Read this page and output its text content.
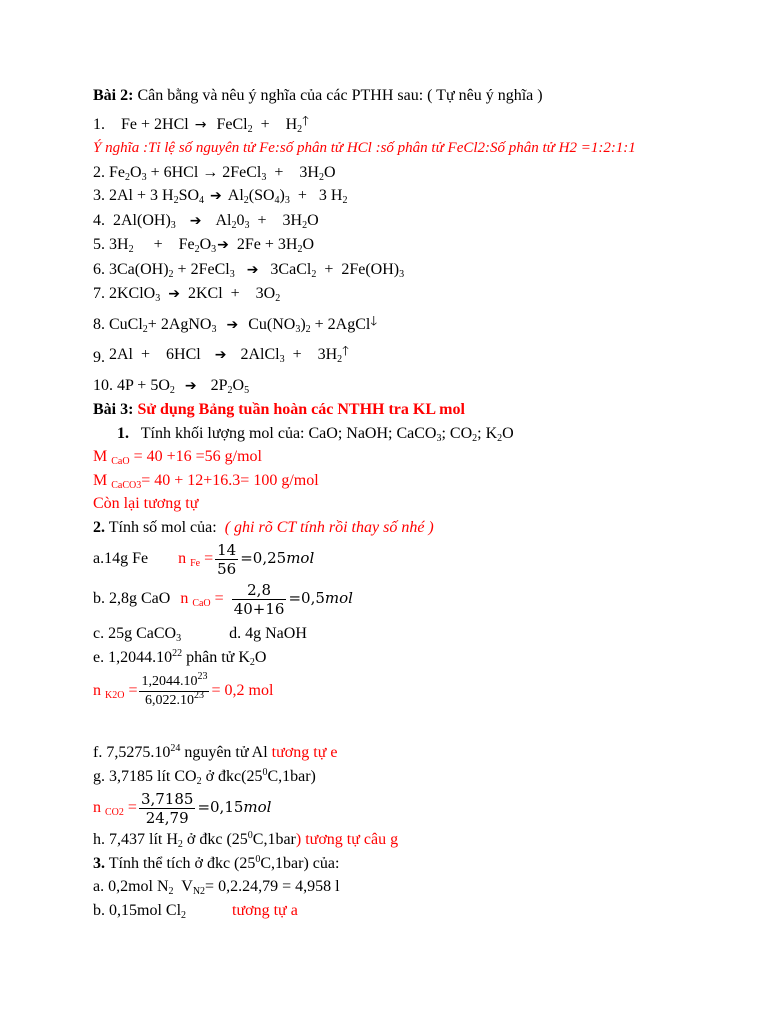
Bài 2: Cân bằng và nêu ý nghĩa của các PTHH sau: ( Tự nêu ý nghĩa )
1.    Fe + 2HCl → FeCl$_2$  +    $H_2^🡑$
Ý nghĩa :Tỉ lệ số nguyên tử Fe:số phân tử HCl :số phân tử FeCl2:Số phân tử H2 =1:2:1:1
2. $Fe_2O_3 + 6HCl$ → 2FeCl$_3$  +    $3H_2O$
3. 2Al + 3 $H_2SO_4$ ➔ $Al_2(SO_4)_3 + 3$ $H_2$
4.  $2Al(OH)_3$ ➔ $Al_20_3$  +    $3H_2O$
5. $3H_2$     +    $Fe_2O_3➔$ $2Fe + 3H_2O$
6. $3Ca(OH)_2$ + 2FeCl$_3$ ➔ 3CaCl$_2$  +  $2Fe(OH)_3$
7. 2KClO$_3$ ➔ 2KCl  +    $3O_2$
8. CuCl$_2$+ 2AgNO$_3$ ➔ $Cu(NO_3)_2$ + 2AgCl🡓
9. 2Al  +    6HCl ➔ 2AlCl$_3$  +    $3H_2^🡑$
10. $4P + 5O_2$ ➔ $2P_2O_5$
Bài 3: Sử dụng Bảng tuần hoàn các NTHH tra KL mol
1. Tính khối lượng mol của: CaO; NaOH; CaCO$_3$; $CO_2$; $K_2O$
M $_{CaO}$ = 40 +16 =56 g/mol
M $_{CaCO3}$= 40 + 12+16.3= 100 g/mol
Còn lại tương tự
2. Tính số mol của: ( ghi rõ CT tính rồi thay số nhé )
a.14g Fe n $_{Fe} = \frac{14}{56} =0,25mol$
b. 2,8g CaO n $_{CaO} = \frac{2,8}{40+16} =0,5mol$
c. 25g CaCO$_3$	d. 4g NaOH
e. 1,2044.10$^{22}$ phân tử $K_2O$
n $_{K2O} = \frac{1,2044.10^{23}}{6,022.10^{23}} = 0,2$ mol
f. 7,5275.10$^{24}$ nguyên tử Al tương tự e
g. 3,7185 lít $CO_2$ ở $đkc(25^0C,1bar)$
n $_{CO2} = \frac{3,7185}{24,79} =0,15mol$
h. 7,437 lít $H_2$ ở đkc $(25^0C,1bar)$ tương tự câu g
3. Tính thể tích ở đkc $(25^0C,1bar)$ của:
a. 0,2mol $N_2$  $V_{N2}= 0,2.24,79 = 4,958$ l
b. 0,15mol $Cl_2$	tương tự a
